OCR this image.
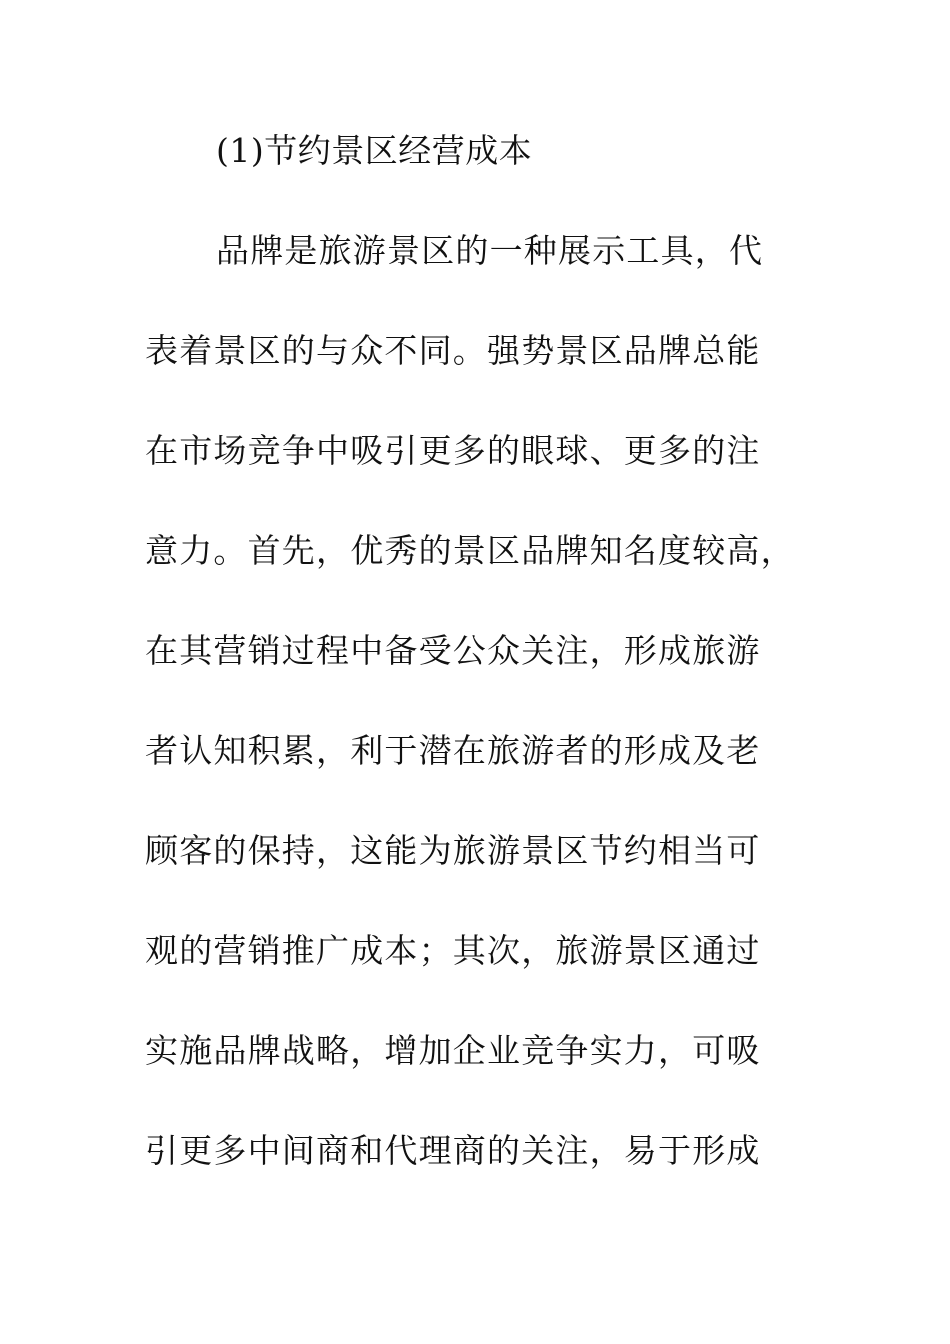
(1)节约景区经营成本
品牌是旅游景区的一种展示工具，代
表着景区的与众不同。强势景区品牌总能
在市场竞争中吸引更多的眼球、更多的注
意力。首先，优秀的景区品牌知名度较高，
在其营销过程中备受公众关注，形成旅游
者认知积累，利于潜在旅游者的形成及老
顾客的保持，这能为旅游景区节约相当可
观的营销推广成本；其次，旅游景区通过
实施品牌战略，增加企业竞争实力，可吸
引更多中间商和代理商的关注，易于形成
